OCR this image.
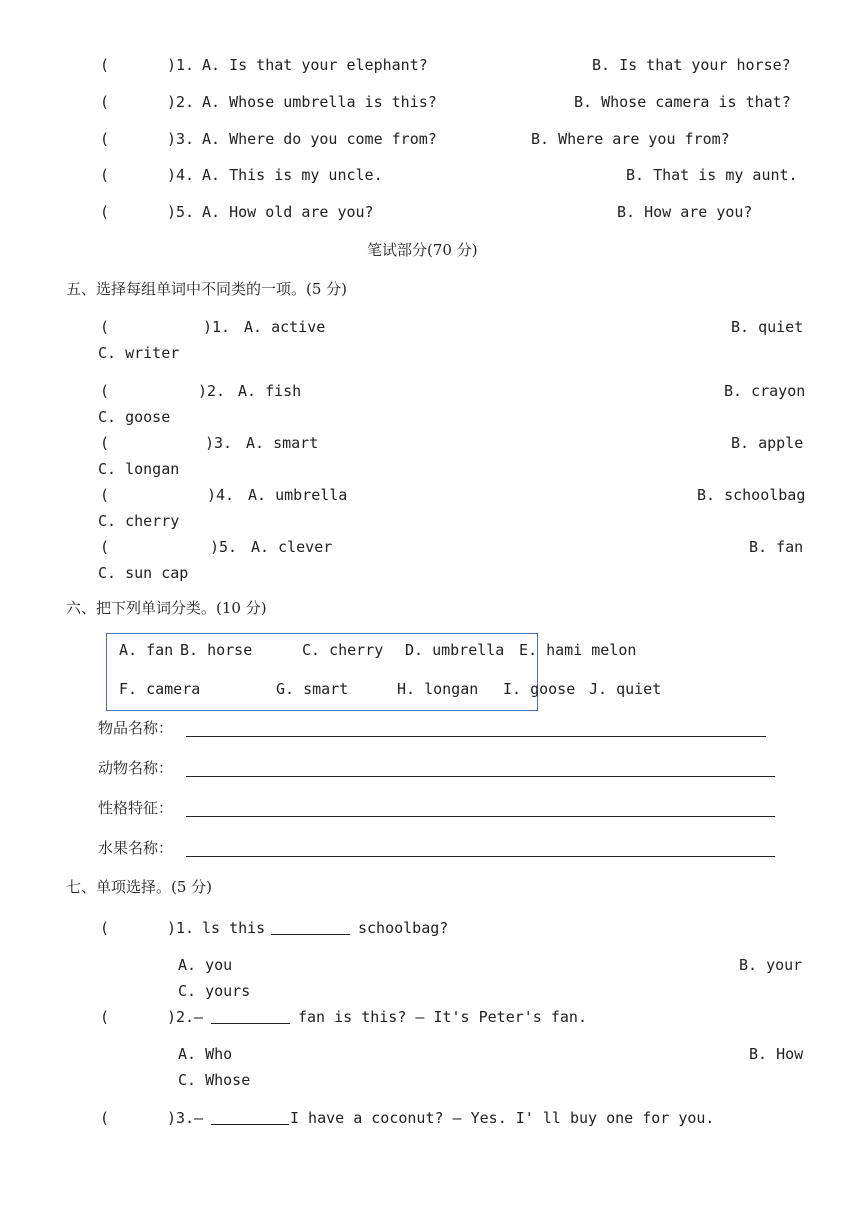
(	)1. A. Is that your elephant?	B. Is that your horse?
(	)2. A. Whose umbrella is this?	B. Whose camera is that?
(	)3. A. Where do you come from?	B. Where are you from?
(	)4. A. This is my uncle.	B. That is my aunt.
(	)5. A. How old are you?	B. How are you?
笔试部分(70 分)
五、选择每组单词中不同类的一项。(5 分)
(	)1. A. active	B. quiet
C. writer
(	)2. A. fish	B. crayon
C. goose
(	)3. A. smart	B. apple
C. longan
(	)4. A. umbrella	B. schoolbag
C. cherry
(	)5. A. clever	B. fan
C. sun cap
六、把下列单词分类。(10 分)
A. fan B. horse	C. cherry D. umbrella E. hami melon
F. camera	G. smart	H. longan I. goose J. quiet
物品名称：
动物名称：
性格特征：
水果名称：
七、单项选择。(5 分)
(	)1. ls this	schoolbag?
A. you	B. your
C. yours
(	)2. —	fan is this? — It's Peter's fan.
A. Who	B. How
C. Whose
(	)3. —	I have a coconut? — Yes. I' ll buy one for you.
